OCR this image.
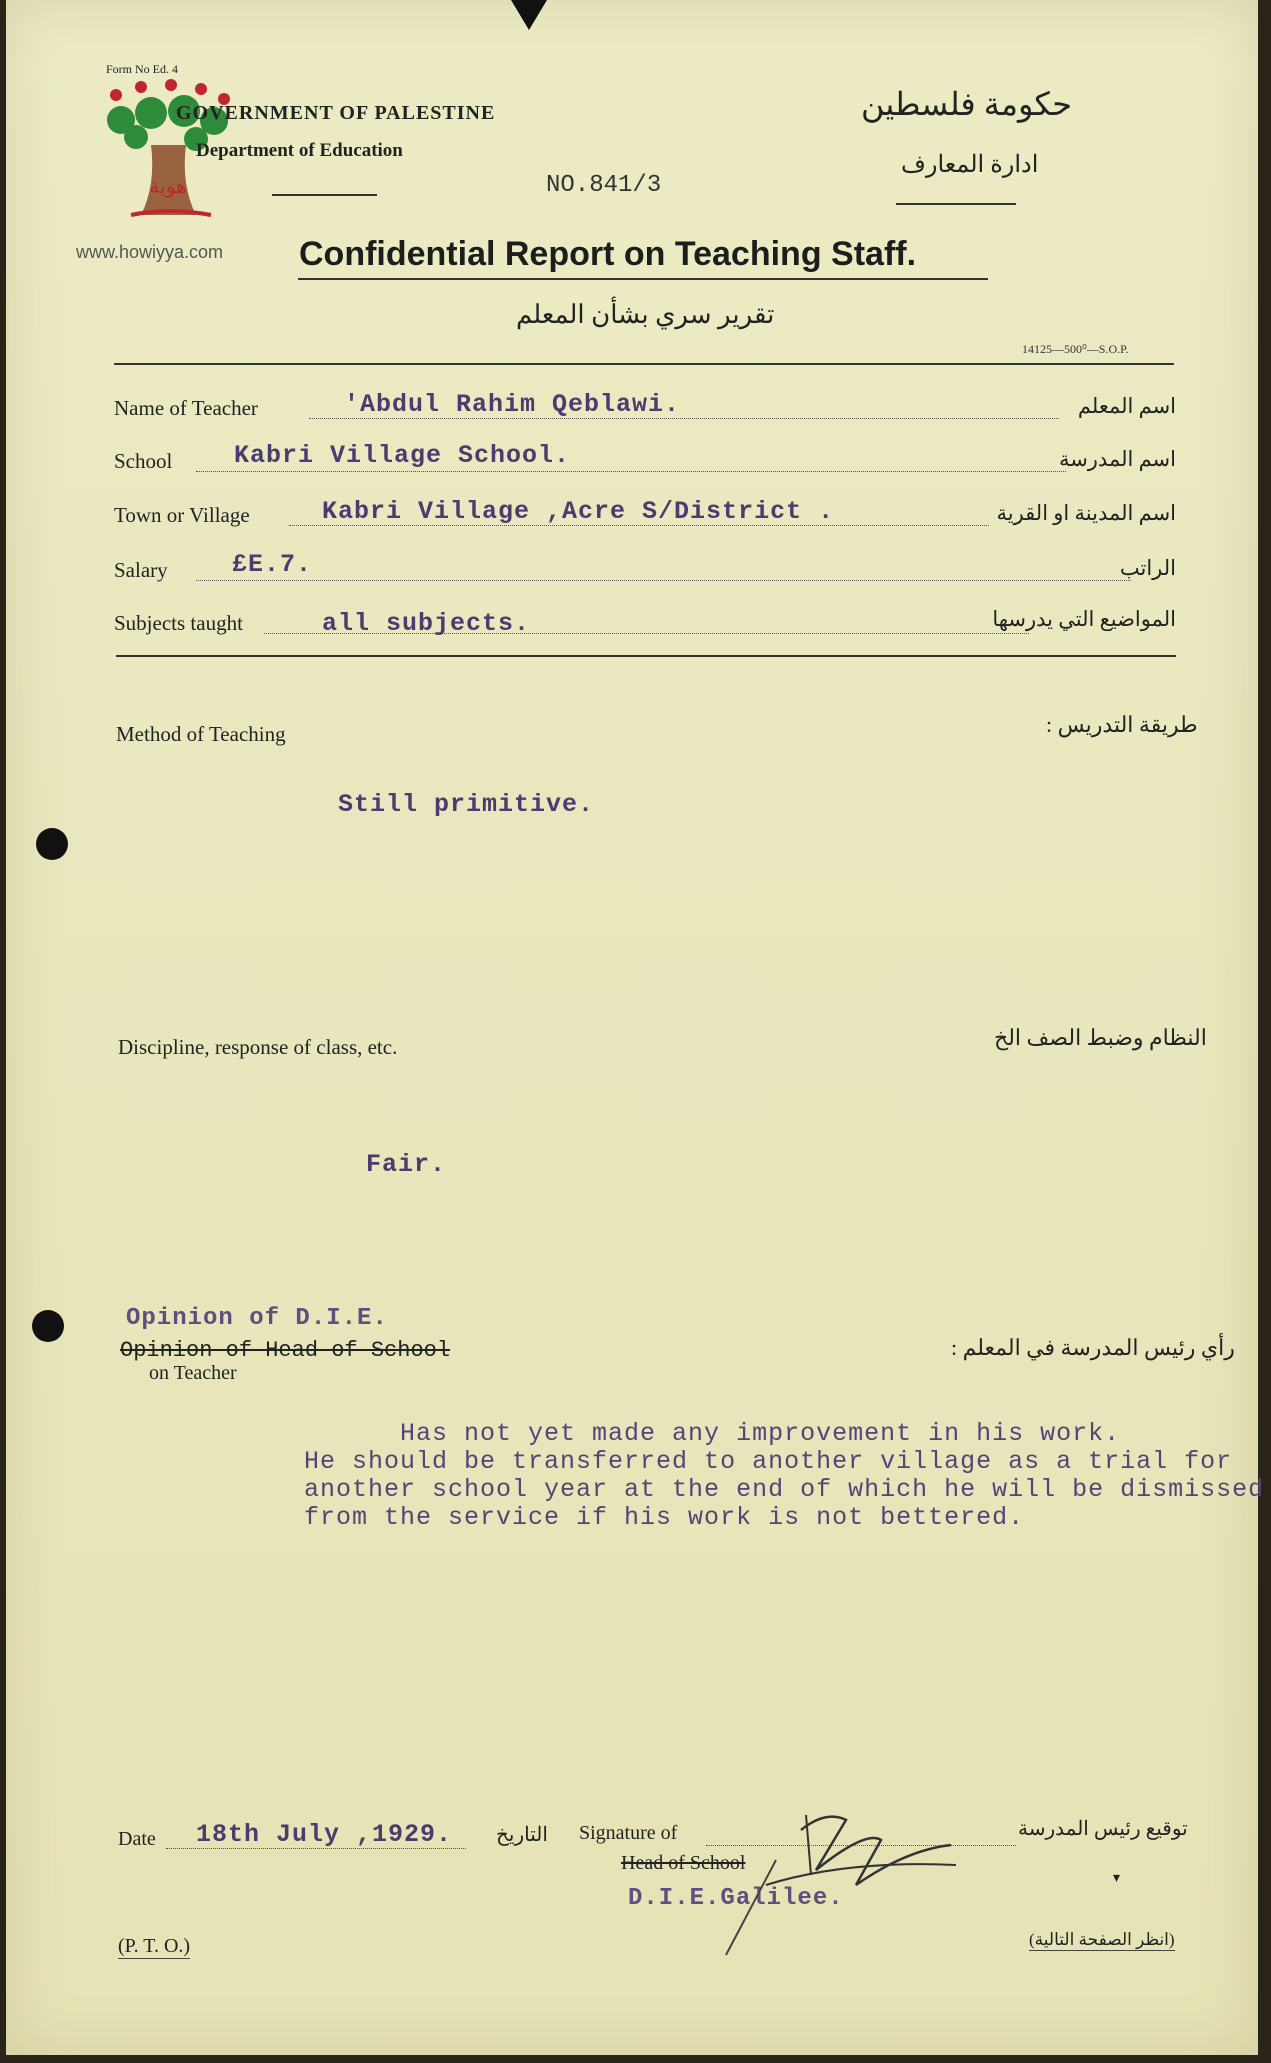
هوية
www.howiyya.com
Form No Ed. 4
GOVERNMENT OF PALESTINE
Department of Education
حكومة فلسطين
ادارة المعارف
NO.841/3
Confidential Report on Teaching Staff.
تقرير سري بشأن المعلم
14125—500⁰—S.O.P.
Name of Teacher	'Abdul Rahim Qeblawi.	اسم المعلم
School Kabri Village School.	اسم المدرسة
Town or Village	Kabri Village ,Acre S/District .	اسم المدينة او القرية
Salary	£E.7.	الراتب
Subjects taught	all subjects.	المواضيع التي يدرسها
Method of Teaching	طريقة التدريس :
Still primitive.
Discipline, response of class, etc.	النظام وضبط الصف الخ
Fair.
Opinion of D.I.E.
Opinion of Head of School
on Teacher
رأي رئيس المدرسة في المعلم :
Has not yet made any improvement in his work.
He should be transferred to another village as a trial for
another school year at the end of which he will be dismissed
from the service if his work is not bettered.
Date 18th July ,1929. التاريخ Signature of	توقيع رئيس المدرسة
▾
Head of School
D.I.E.Galilee.
(P. T. O.)	(انظر الصفحة التالية)
